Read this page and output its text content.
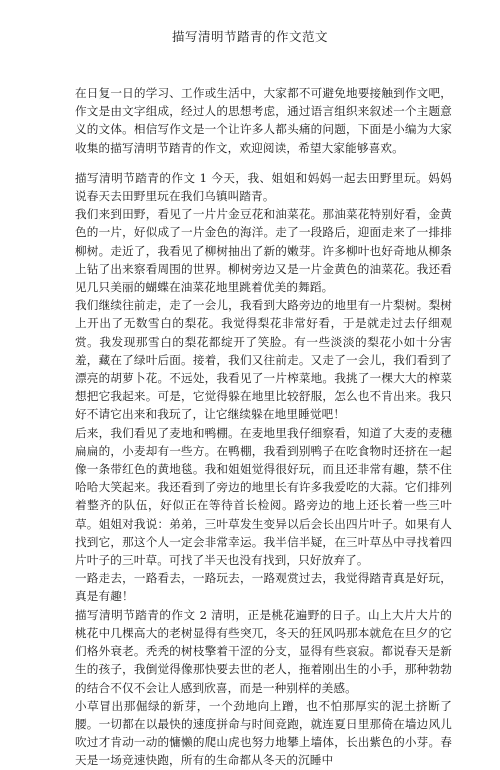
描写清明节踏青的作文范文

在日复一日的学习、工作或生活中，大家都不可避免地要接触到作文吧，作文是由文字组成，经过人的思想考虑，通过语言组织来叙述一个主题意义的文体。相信写作文是一个让许多人都头痛的问题，下面是小编为大家收集的描写清明节踏青的作文，欢迎阅读，希望大家能够喜欢。

描写清明节踏青的作文 1 今天，我、姐姐和妈妈一起去田野里玩。妈妈说春天去田野里玩在我们乌镇叫踏青。

我们来到田野，看见了一片片金豆花和油菜花。那油菜花特别好看，金黄色的一片，好似成了一片金色的海洋。走了一段路后，迎面走来了一排排柳树。走近了，我看见了柳树抽出了新的嫩芽。许多柳叶也好奇地从柳条上钻了出来察看周围的世界。柳树旁边又是一片金黄色的油菜花。我还看见几只美丽的蝴蝶在油菜花地里跳着优美的舞蹈。

我们继续往前走，走了一会儿，我看到大路旁边的地里有一片梨树。梨树上开出了无数雪白的梨花。我觉得梨花非常好看，于是就走过去仔细观赏。我发现那雪白的梨花都绽开了笑脸。有一些淡淡的梨花小如十分害羞，藏在了绿叶后面。接着，我们又往前走。又走了一会儿，我们看到了漂亮的胡萝卜花。不远处，我看见了一片榨菜地。我挑了一棵大大的榨菜想把它我起来。可是，它觉得躲在地里比较舒服，怎么也不肯出来。我只好不请它出来和我玩了，让它继续躲在地里睡觉吧！

后来，我们看见了麦地和鸭棚。在麦地里我仔细察看，知道了大麦的麦穗扁扁的，小麦却有一些方。在鸭棚，我看到别鸭子在吃食物时还挤在一起像一条带红色的黄地毯。我和姐姐觉得很好玩，而且还非常有趣，禁不住哈哈大笑起来。我还看到了旁边的地里长有许多我爱吃的大蒜。它们排列着整齐的队伍，好似正在等待首长检阅。路旁边的地上还长着一些三叶草。姐姐对我说：弟弟，三叶草发生变异以后会长出四片叶子。如果有人找到它，那这个人一定会非常幸运。我半信半疑，在三叶草丛中寻找着四片叶子的三叶草。可找了半天也没有找到，只好放弃了。

一路走去，一路看去，一路玩去，一路观赏过去，我觉得踏青真是好玩，真是有趣！

描写清明节踏青的作文 2 清明，正是桃花遍野的日子。山上大片大片的桃花中几棵高大的老树显得有些突兀，冬天的狂风吗那本就危在旦夕的它们格外衰老。秃秃的树枝擎着干涩的分支，显得有些哀寂。都说春天是新生的孩子，我倒觉得像那快要去世的老人，拖着刚出生的小手，那种勃勃的结合不仅不会让人感到欣喜，而是一种别样的美感。

小草冒出那倔绿的新芽，一个劲地向上蹭，也不怕那厚实的泥土挤断了腰。一切都在以最快的速度拼命与时间竞跑，就连夏日里那倚在墙边风儿吹过才肯动一动的慵懒的爬山虎也努力地攀上墙体，长出紫色的小芽。春天是一场竞速快跑，所有的生命都从冬天的沉睡中
